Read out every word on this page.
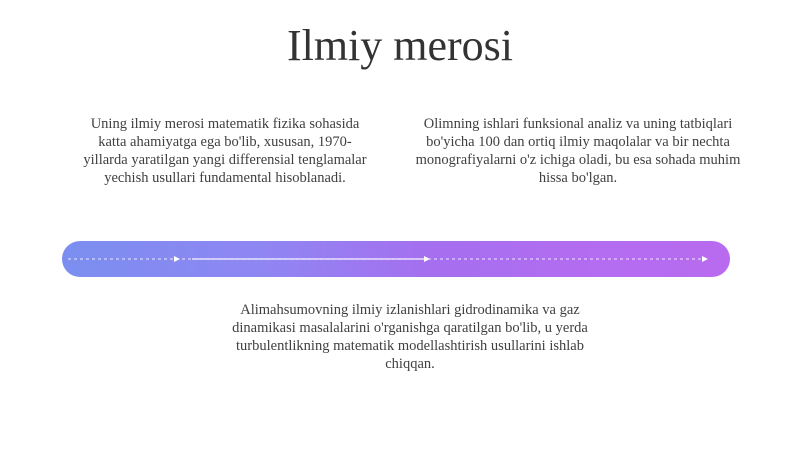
Ilmiy merosi
Uning ilmiy merosi matematik fizika sohasida katta ahamiyatga ega bo'lib, xususan, 1970-yillarda yaratilgan yangi differensial tenglamalar yechish usullari fundamental hisoblanadi.
Olimning ishlari funksional analiz va uning tatbiqlari bo'yicha 100 dan ortiq ilmiy maqolalar va bir nechta monografiyalarni o'z ichiga oladi, bu esa sohada muhim hissa bo'lgan.
Alimahsumovning ilmiy izlanishlari gidrodinamika va gaz dinamikasi masalalarini o'rganishga qaratilgan bo'lib, u yerda turbulentlikning matematik modellashtirish usullarini ishlab chiqqan.
